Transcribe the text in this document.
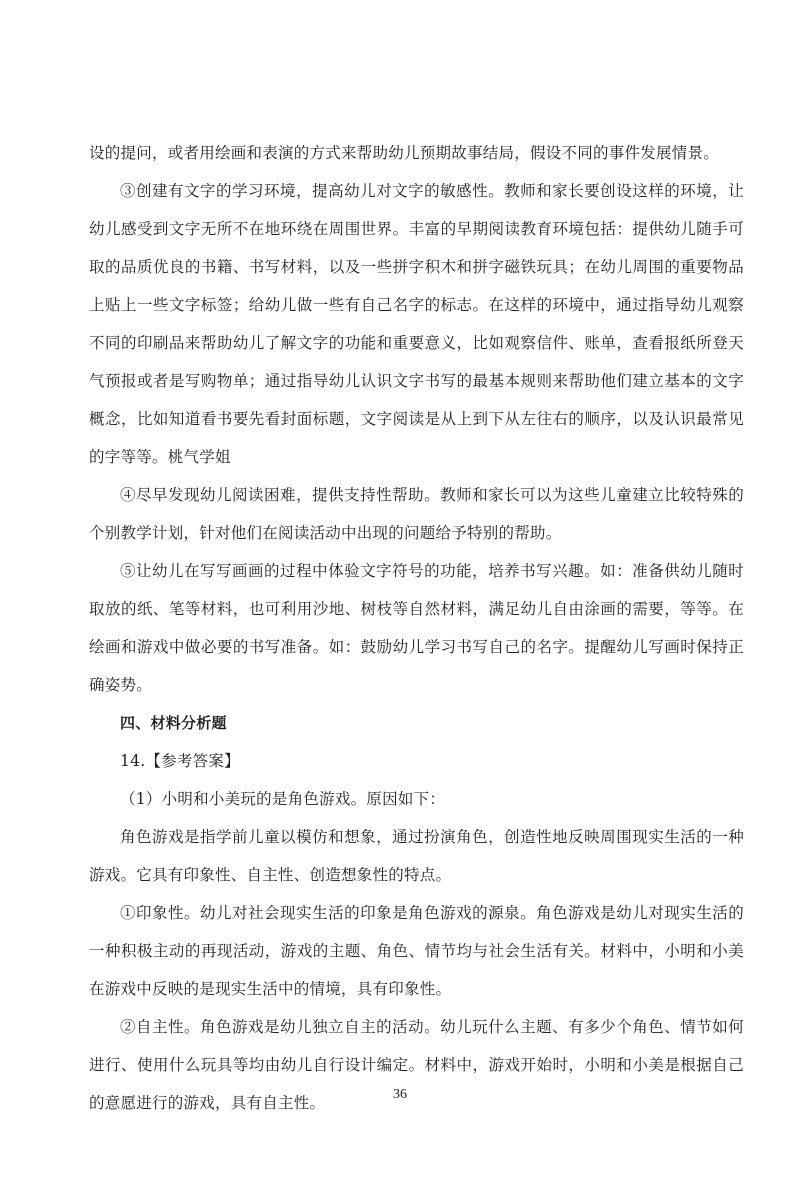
设的提问，或者用绘画和表演的方式来帮助幼儿预期故事结局，假设不同的事件发展情景。

③创建有文字的学习环境，提高幼儿对文字的敏感性。教师和家长要创设这样的环境，让幼儿感受到文字无所不在地环绕在周围世界。丰富的早期阅读教育环境包括：提供幼儿随手可取的品质优良的书籍、书写材料，以及一些拼字积木和拼字磁铁玩具；在幼儿周围的重要物品上贴上一些文字标签；给幼儿做一些有自己名字的标志。在这样的环境中，通过指导幼儿观察不同的印刷品来帮助幼儿了解文字的功能和重要意义，比如观察信件、账单，查看报纸所登天气预报或者是写购物单；通过指导幼儿认识文字书写的最基本规则来帮助他们建立基本的文字概念，比如知道看书要先看封面标题，文字阅读是从上到下从左往右的顺序，以及认识最常见的字等等。桃气学姐

④尽早发现幼儿阅读困难，提供支持性帮助。教师和家长可以为这些儿童建立比较特殊的个别教学计划，针对他们在阅读活动中出现的问题给予特别的帮助。

⑤让幼儿在写写画画的过程中体验文字符号的功能，培养书写兴趣。如：准备供幼儿随时取放的纸、笔等材料，也可利用沙地、树枝等自然材料，满足幼儿自由涂画的需要，等等。在绘画和游戏中做必要的书写准备。如：鼓励幼儿学习书写自己的名字。提醒幼儿写画时保持正确姿势。

四、材料分析题

14.【参考答案】

（1）小明和小美玩的是角色游戏。原因如下：

角色游戏是指学前儿童以模仿和想象，通过扮演角色，创造性地反映周围现实生活的一种游戏。它具有印象性、自主性、创造想象性的特点。

①印象性。幼儿对社会现实生活的印象是角色游戏的源泉。角色游戏是幼儿对现实生活的一种积极主动的再现活动，游戏的主题、角色、情节均与社会生活有关。材料中，小明和小美在游戏中反映的是现实生活中的情境，具有印象性。

②自主性。角色游戏是幼儿独立自主的活动。幼儿玩什么主题、有多少个角色、情节如何进行、使用什么玩具等均由幼儿自行设计编定。材料中，游戏开始时，小明和小美是根据自己的意愿进行的游戏，具有自主性。	36
